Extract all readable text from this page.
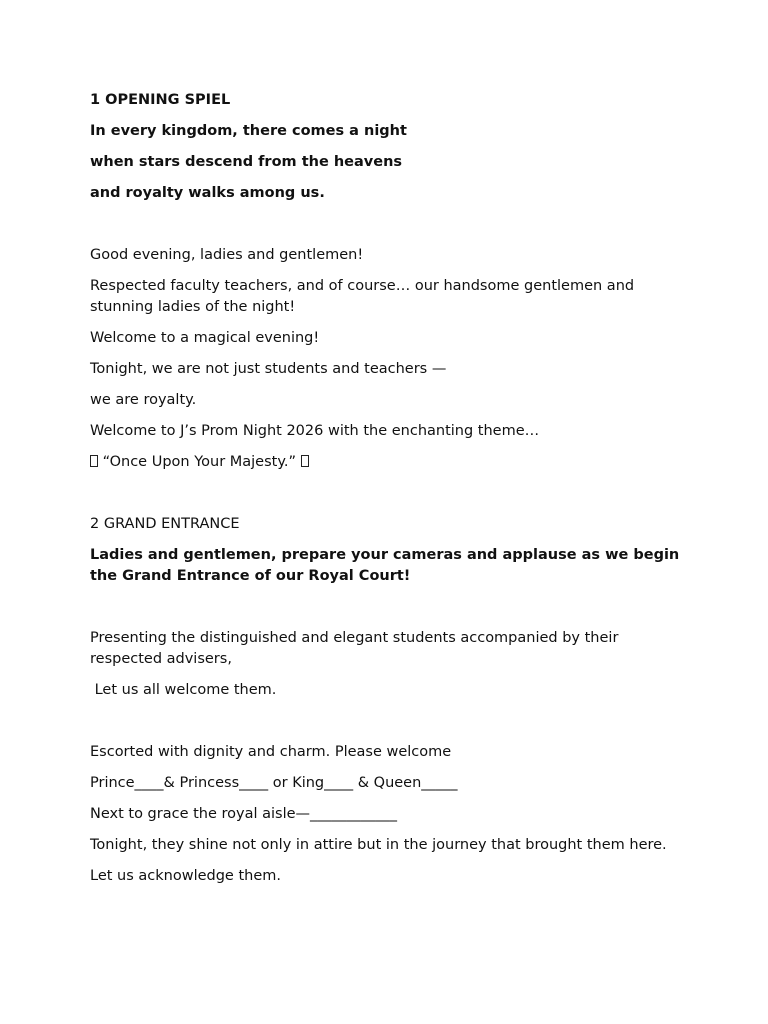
1 OPENING SPIEL

In every kingdom, there comes a night

when stars descend from the heavens

and royalty walks among us.

Good evening, ladies and gentlemen!

Respected faculty teachers, and of course… our handsome gentlemen and stunning ladies of the night!

Welcome to a magical evening!

Tonight, we are not just students and teachers —

we are royalty.

Welcome to J’s Prom Night 2026 with the enchanting theme…

“Once Upon Your Majesty.”

2 GRAND ENTRANCE

Ladies and gentlemen, prepare your cameras and applause as we begin the Grand Entrance of our Royal Court!

Presenting the distinguished and elegant students accompanied by their respected advisers,

Let us all welcome them.

Escorted with dignity and charm. Please welcome

Prince____& Princess____ or King____ & Queen_____

Next to grace the royal aisle—____________

Tonight, they shine not only in attire but in the journey that brought them here.

Let us acknowledge them.
